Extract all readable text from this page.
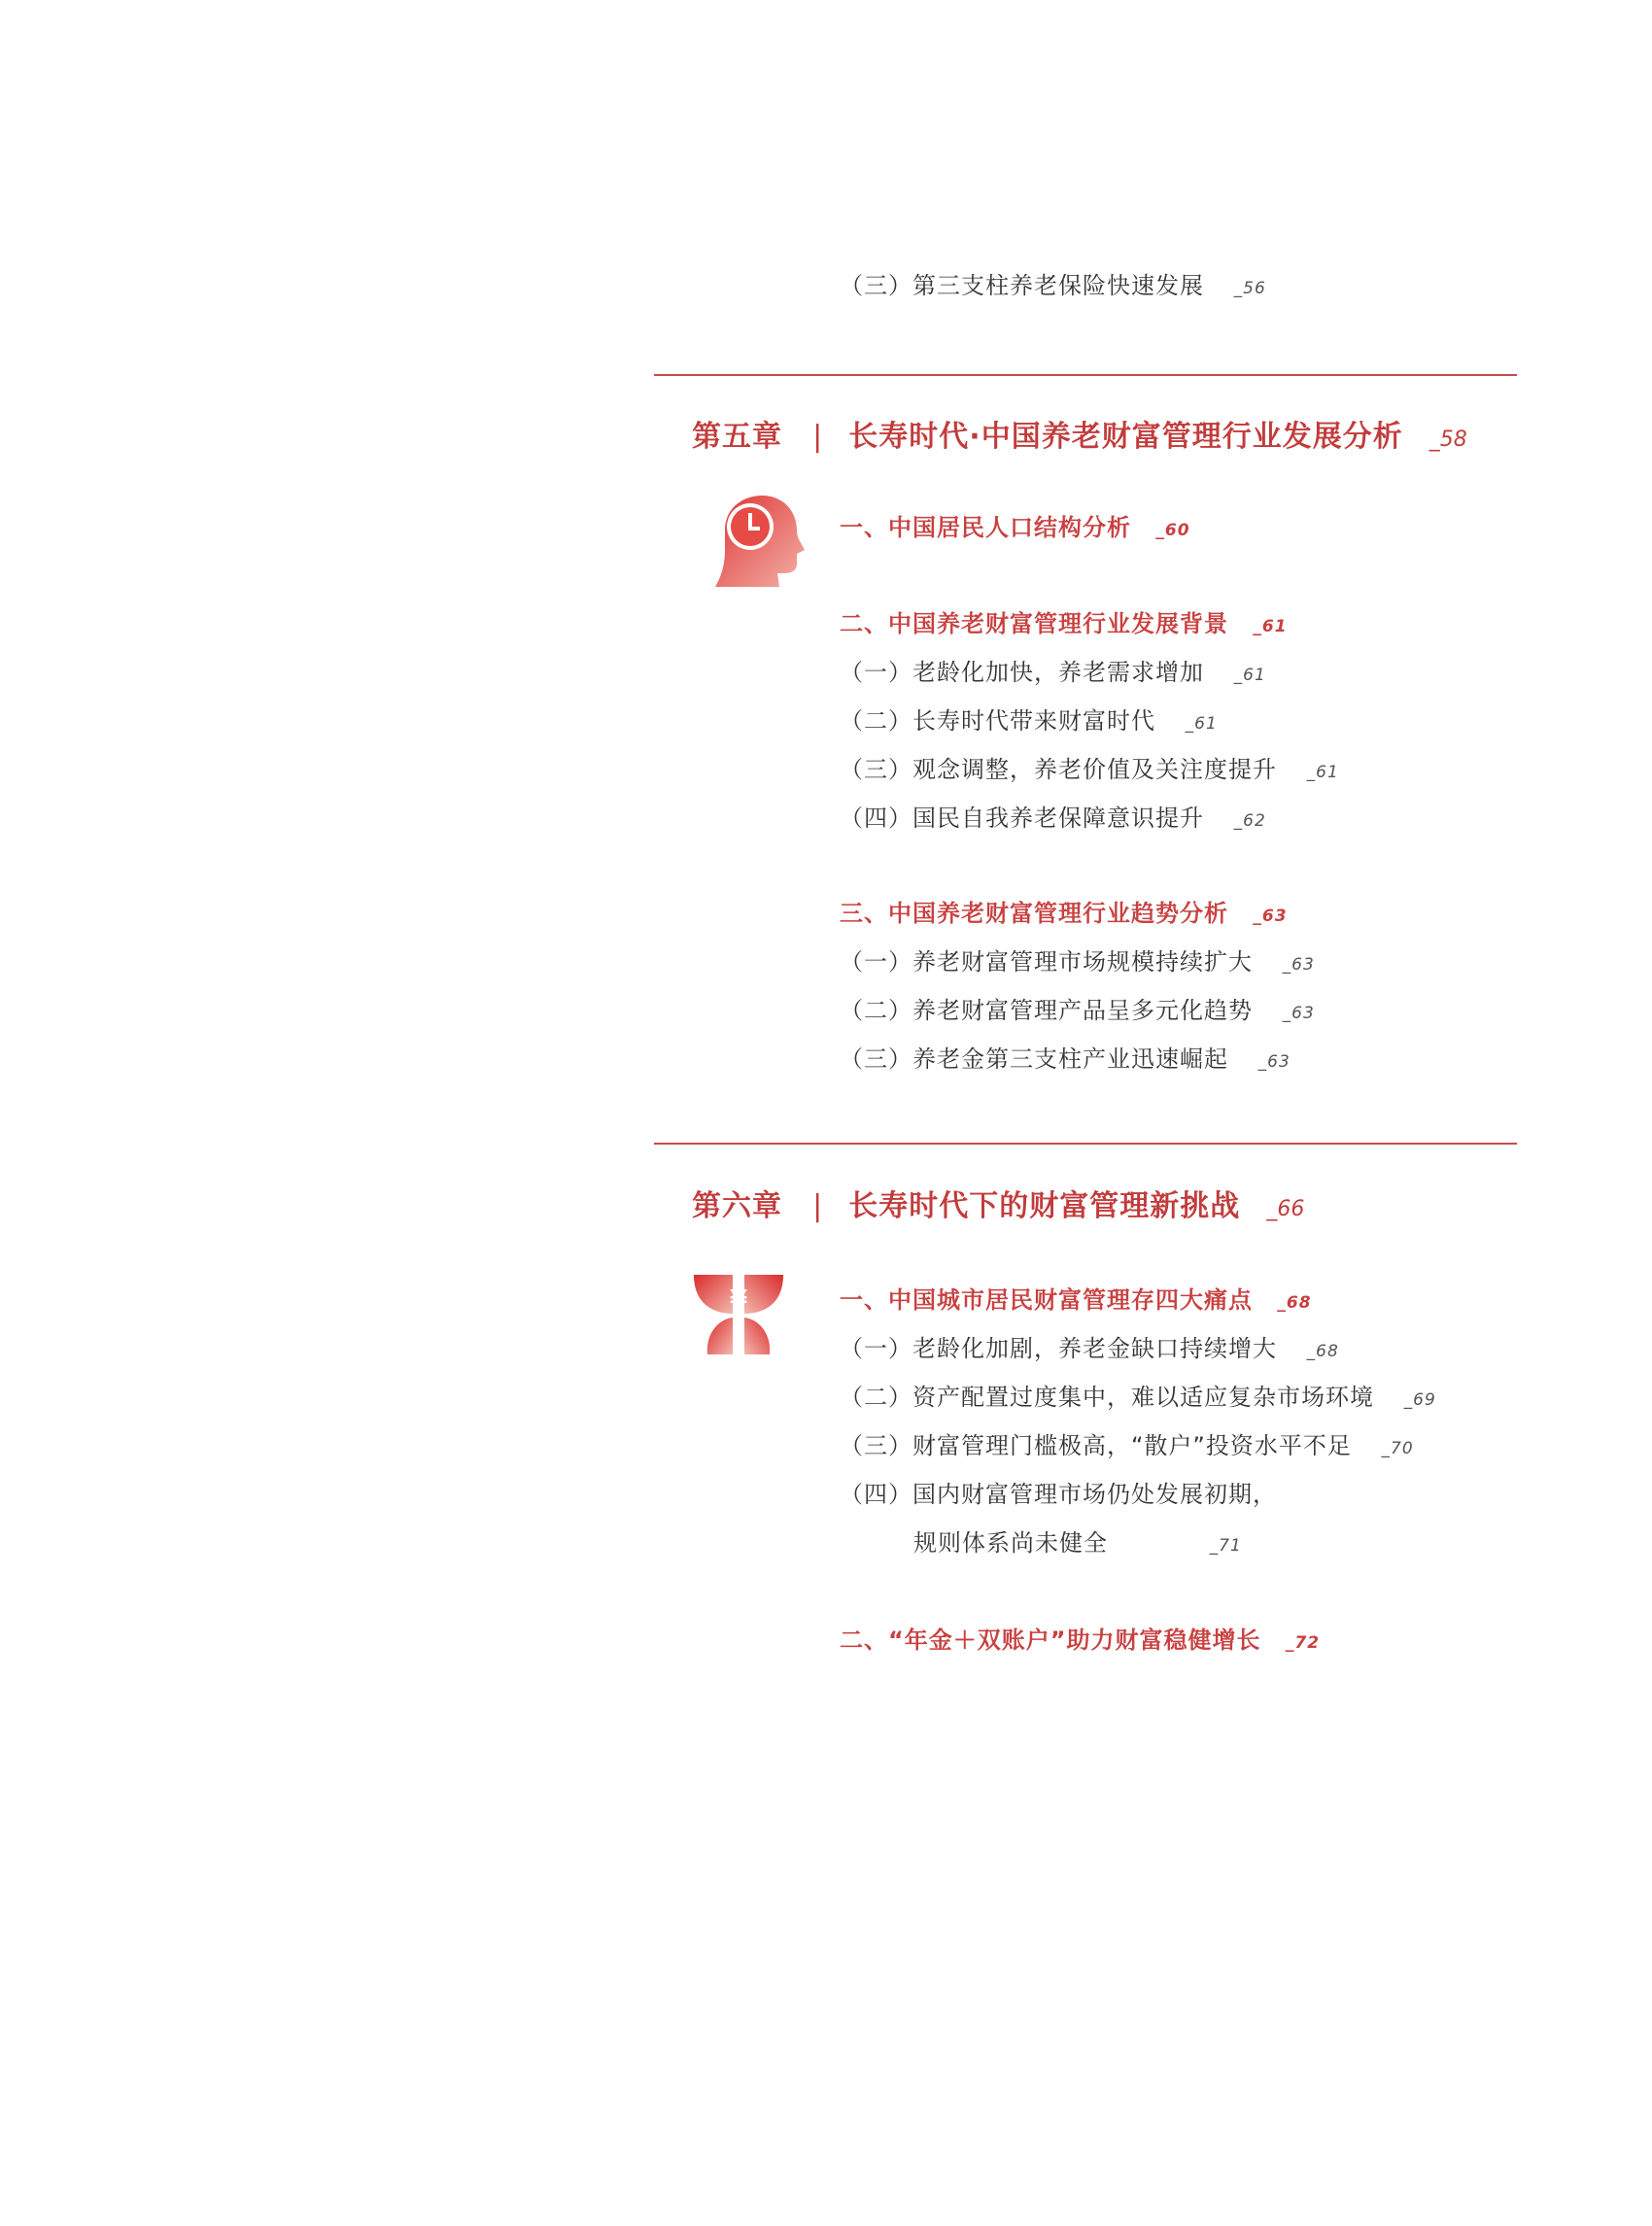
（三）第三支柱养老保险快速发展 _56
第五章 | 长寿时代·中国养老财富管理行业发展分析 _58
一、中国居民人口结构分析 _60
二、中国养老财富管理行业发展背景 _61
（一）老龄化加快，养老需求增加 _61
（二）长寿时代带来财富时代 _61
（三）观念调整，养老价值及关注度提升 _61
（四）国民自我养老保障意识提升 _62
三、中国养老财富管理行业趋势分析 _63
（一）养老财富管理市场规模持续扩大 _63
（二）养老财富管理产品呈多元化趋势 _63
（三）养老金第三支柱产业迅速崛起 _63
第六章 | 长寿时代下的财富管理新挑战 _66
¥	一、中国城市居民财富管理存四大痛点 _68
（一）老龄化加剧，养老金缺口持续增大 _68
（二）资产配置过度集中，难以适应复杂市场环境 _69
（三）财富管理门槛极高，“散户”投资水平不足 _70
（四）国内财富管理市场仍处发展初期，
规则体系尚未健全	_71
二、“年金＋双账户”助力财富稳健增长 _72
